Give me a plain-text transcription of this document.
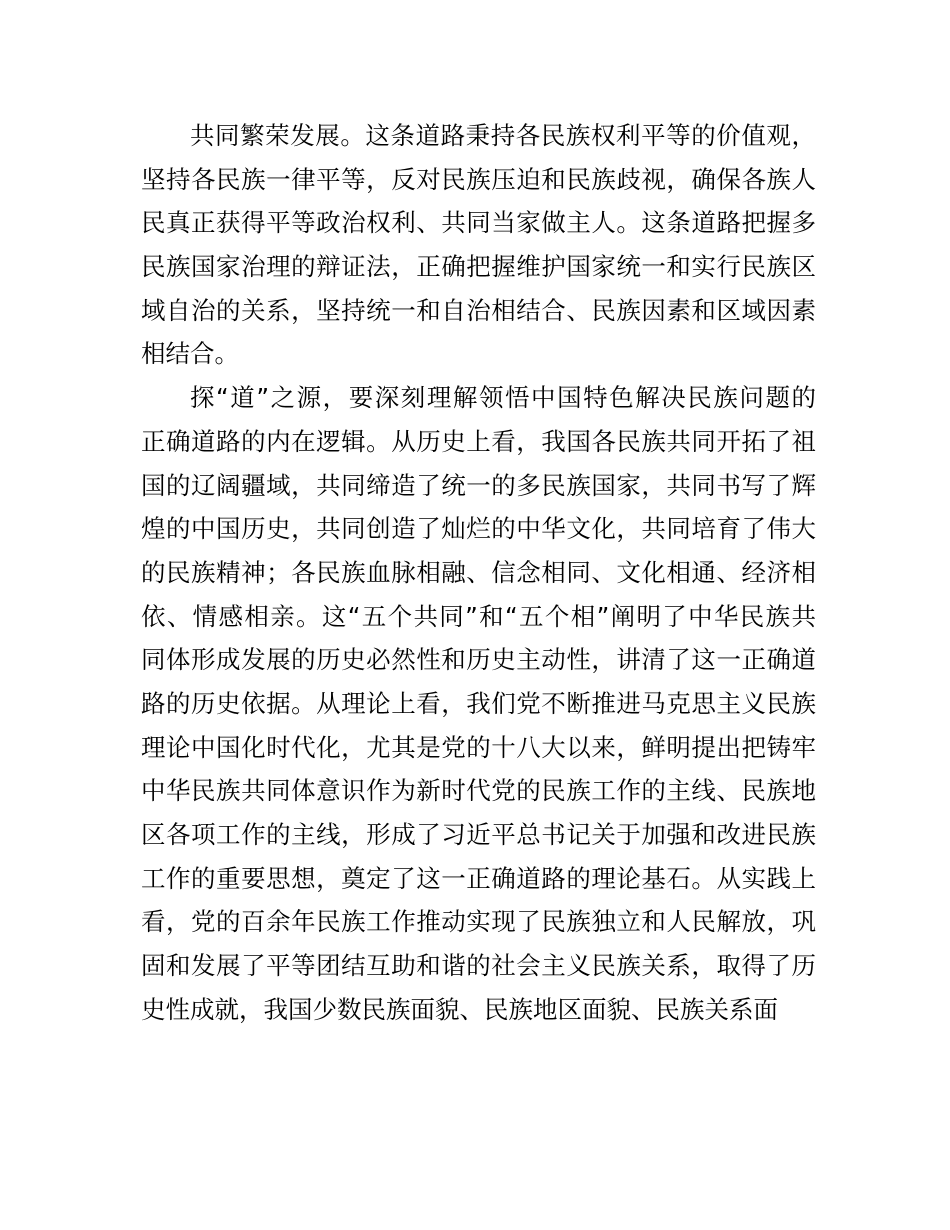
共同繁荣发展。这条道路秉持各民族权利平等的价值观，
坚持各民族一律平等，反对民族压迫和民族歧视，确保各族人
民真正获得平等政治权利、共同当家做主人。这条道路把握多
民族国家治理的辩证法，正确把握维护国家统一和实行民族区
域自治的关系，坚持统一和自治相结合、民族因素和区域因素
相结合。
探“道”之源，要深刻理解领悟中国特色解决民族问题的
正确道路的内在逻辑。从历史上看，我国各民族共同开拓了祖
国的辽阔疆域，共同缔造了统一的多民族国家，共同书写了辉
煌的中国历史，共同创造了灿烂的中华文化，共同培育了伟大
的民族精神；各民族血脉相融、信念相同、文化相通、经济相
依、情感相亲。这“五个共同”和“五个相”阐明了中华民族共
同体形成发展的历史必然性和历史主动性，讲清了这一正确道
路的历史依据。从理论上看，我们党不断推进马克思主义民族
理论中国化时代化，尤其是党的十八大以来，鲜明提出把铸牢
中华民族共同体意识作为新时代党的民族工作的主线、民族地
区各项工作的主线，形成了习近平总书记关于加强和改进民族
工作的重要思想，奠定了这一正确道路的理论基石。从实践上
看，党的百余年民族工作推动实现了民族独立和人民解放，巩
固和发展了平等团结互助和谐的社会主义民族关系，取得了历
史性成就，我国少数民族面貌、民族地区面貌、民族关系面
